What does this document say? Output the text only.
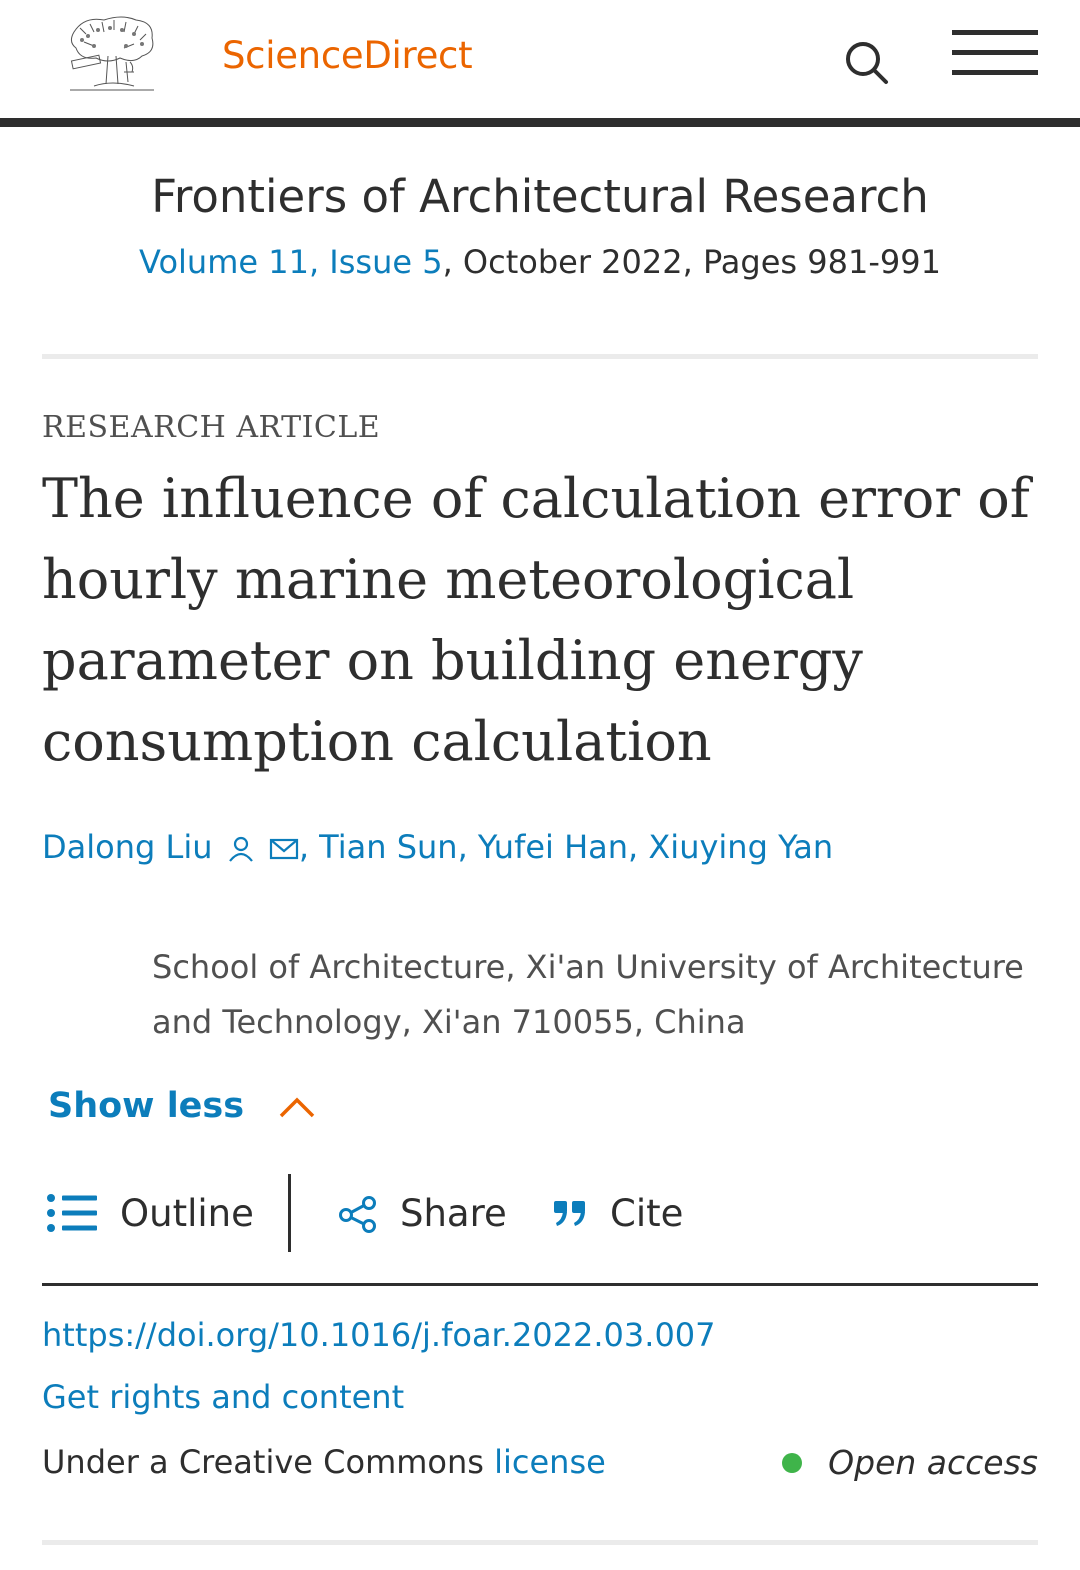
ScienceDirect
Frontiers of Architectural Research
Volume 11, Issue 5, October 2022, Pages 981-991
RESEARCH ARTICLE
The influence of calculation error of hourly marine meteorological parameter on building energy consumption calculation
Dalong Liu	, Tian Sun, Yufei Han, Xiuying Yan
School of Architecture, Xi'an University of Architecture and Technology, Xi'an 710055, China
Show less
Outline	Share	Cite
https://doi.org/10.1016/j.foar.2022.03.007
Get rights and content
Under a Creative Commons license	Open access
